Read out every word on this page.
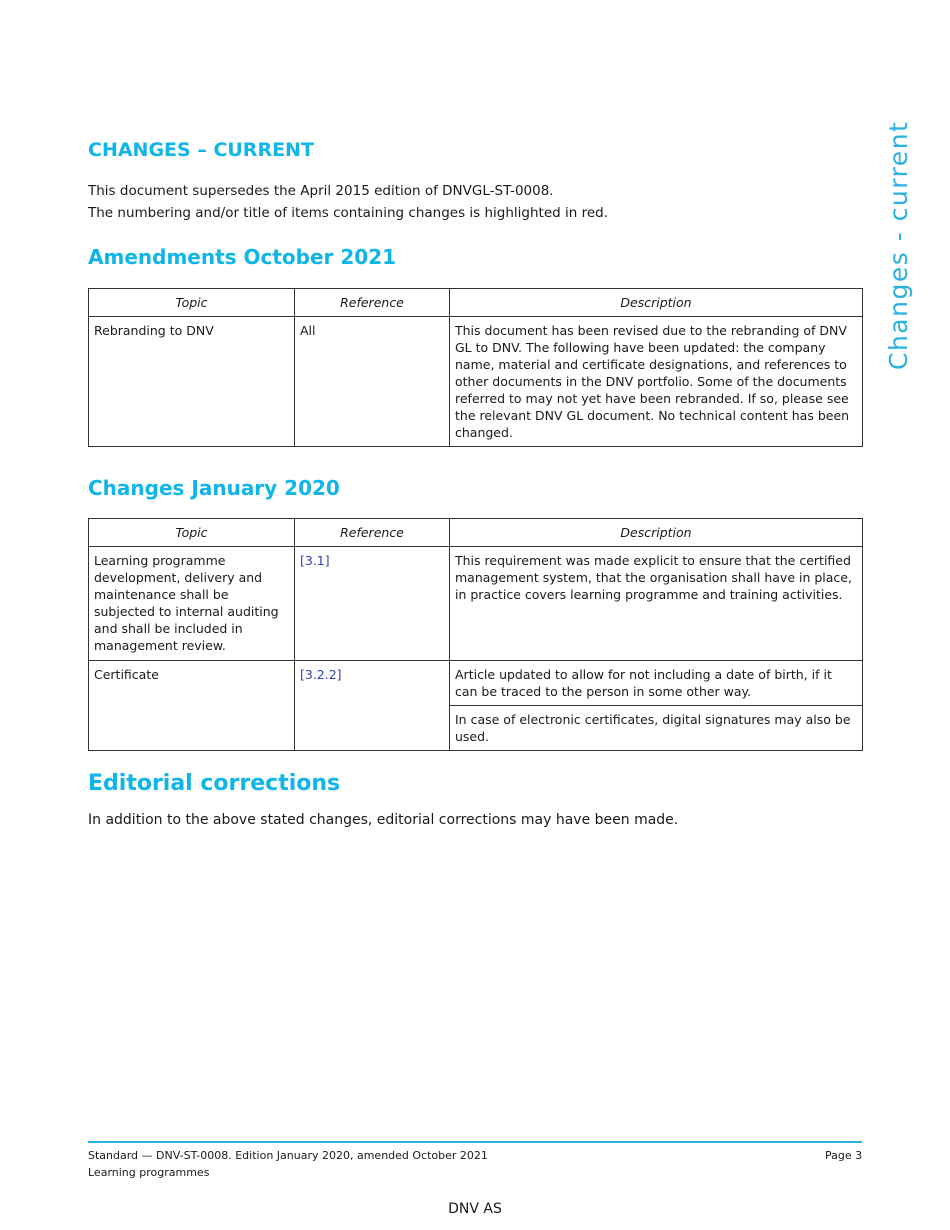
Changes - current
CHANGES – CURRENT
This document supersedes the April 2015 edition of DNVGL-ST-0008.
The numbering and/or title of items containing changes is highlighted in red.
Amendments October 2021
Topic	Reference	Description
Rebranding to DNV	All	This document has been revised due to the rebranding of DNV GL to DNV. The following have been updated: the company name, material and certificate designations, and references to other documents in the DNV portfolio. Some of the documents referred to may not yet have been rebranded. If so, please see the relevant DNV GL document. No technical content has been changed.
Changes January 2020
Topic	Reference	Description
Learning programme development, delivery and maintenance shall be subjected to internal auditing and shall be included in management review.	[3.1]	This requirement was made explicit to ensure that the certified management system, that the organisation shall have in place, in practice covers learning programme and training activities.
Certificate	[3.2.2]	Article updated to allow for not including a date of birth, if it can be traced to the person in some other way.
		In case of electronic certificates, digital signatures may also be used.
Editorial corrections
In addition to the above stated changes, editorial corrections may have been made.
Standard — DNV-ST-0008. Edition January 2020, amended October 2021
Learning programmes
Page 3
DNV AS
